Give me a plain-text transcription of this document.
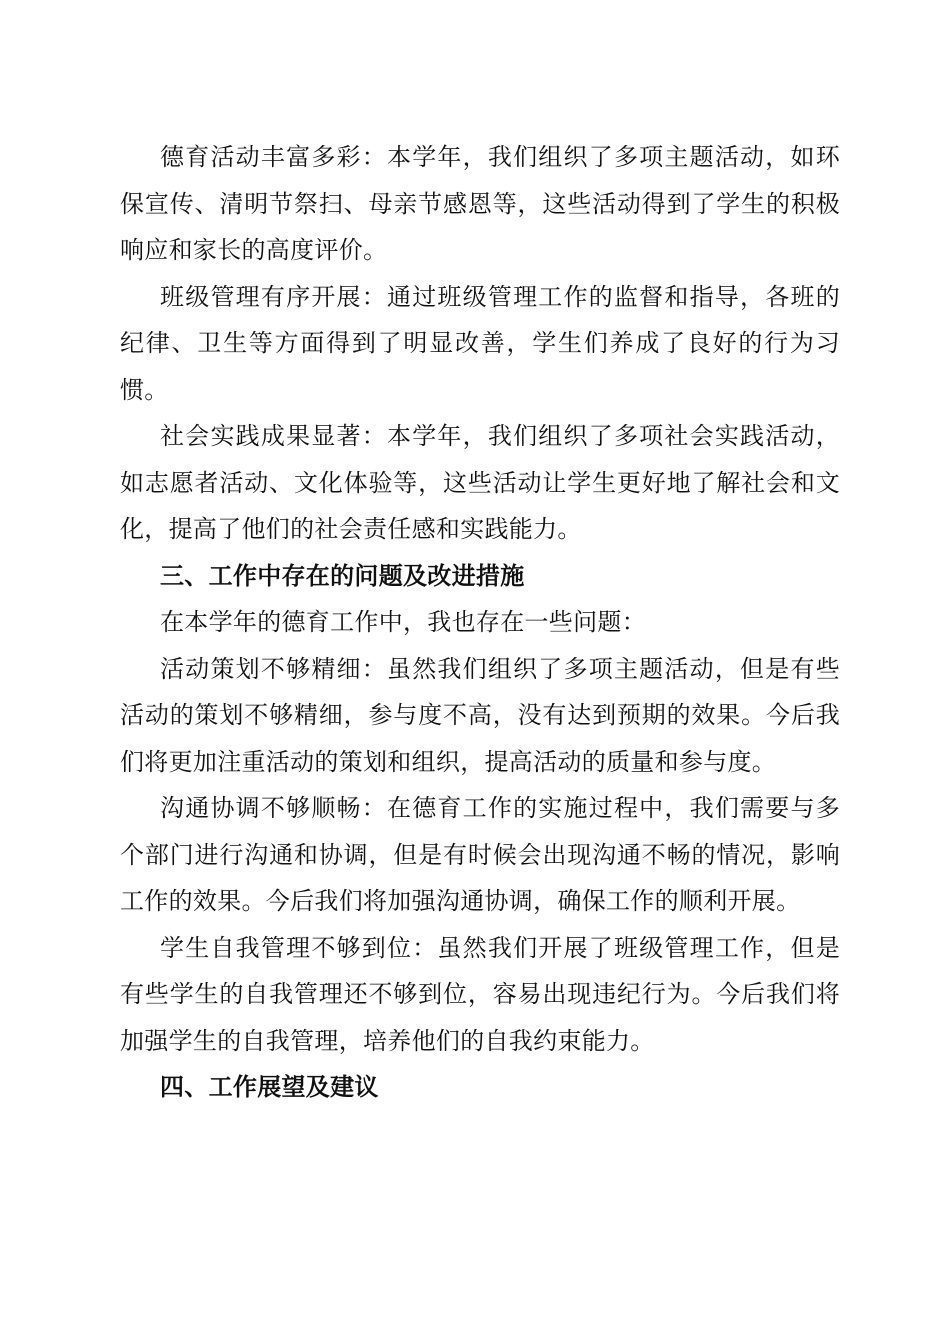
德育活动丰富多彩：本学年，我们组织了多项主题活动，如环保宣传、清明节祭扫、母亲节感恩等，这些活动得到了学生的积极响应和家长的高度评价。

班级管理有序开展：通过班级管理工作的监督和指导，各班的纪律、卫生等方面得到了明显改善，学生们养成了良好的行为习惯。

社会实践成果显著：本学年，我们组织了多项社会实践活动，如志愿者活动、文化体验等，这些活动让学生更好地了解社会和文化，提高了他们的社会责任感和实践能力。

三、工作中存在的问题及改进措施

在本学年的德育工作中，我也存在一些问题：

活动策划不够精细：虽然我们组织了多项主题活动，但是有些活动的策划不够精细，参与度不高，没有达到预期的效果。今后我们将更加注重活动的策划和组织，提高活动的质量和参与度。

沟通协调不够顺畅：在德育工作的实施过程中，我们需要与多个部门进行沟通和协调，但是有时候会出现沟通不畅的情况，影响工作的效果。今后我们将加强沟通协调，确保工作的顺利开展。

学生自我管理不够到位：虽然我们开展了班级管理工作，但是有些学生的自我管理还不够到位，容易出现违纪行为。今后我们将加强学生的自我管理，培养他们的自我约束能力。

四、工作展望及建议
